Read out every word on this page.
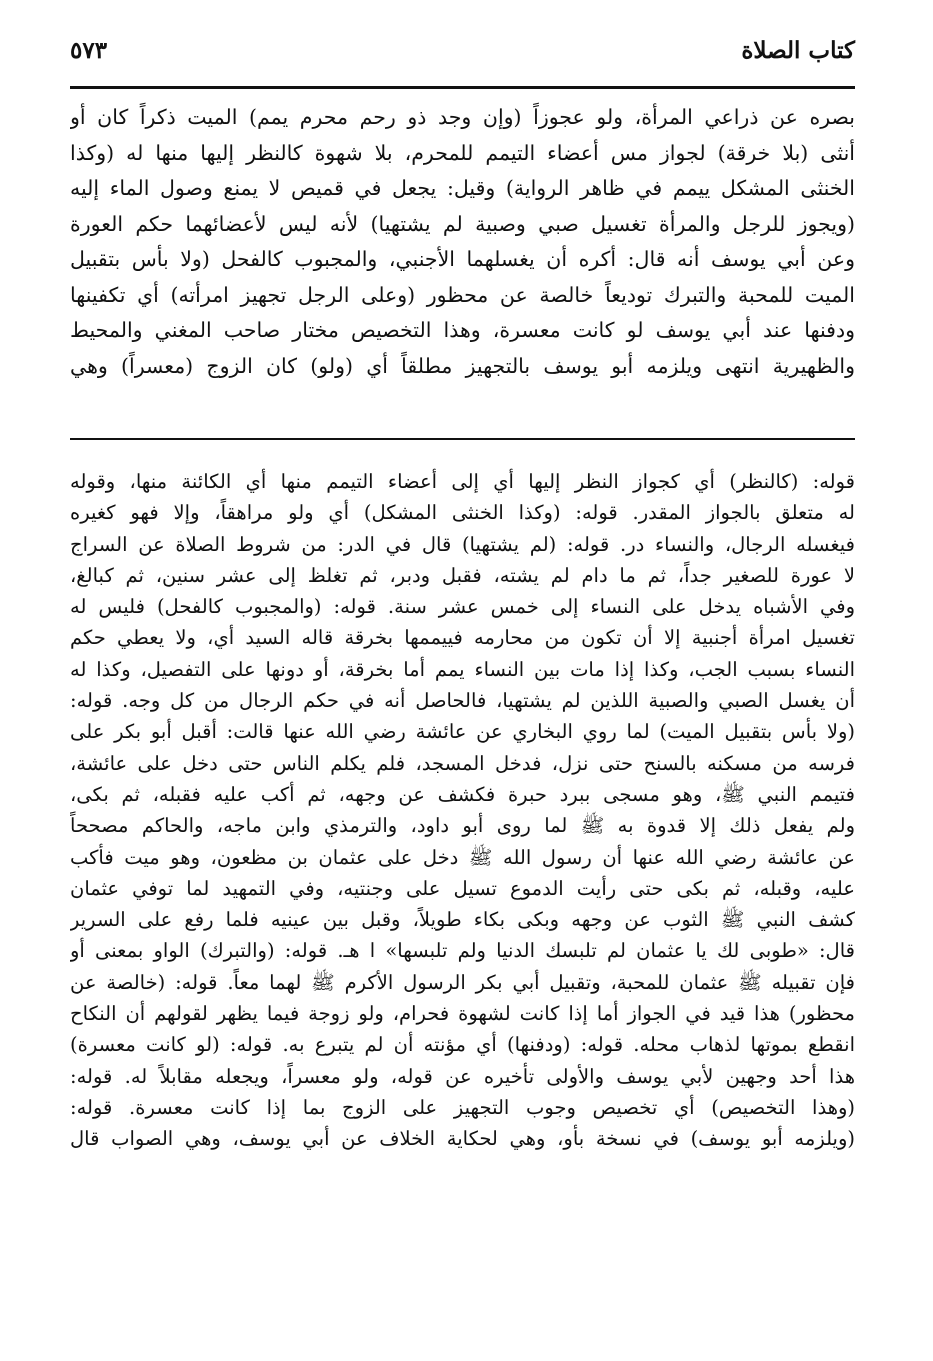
كتاب الصلاة
٥٧٣
بصره عن ذراعي المرأة، ولو عجوزاً (وإن وجد ذو رحم محرم يمم) الميت ذكراً كان أو
أنثى (بلا خرقة) لجواز مس أعضاء التيمم للمحرم، بلا شهوة كالنظر إليها منها له (وكذا
الخنثى المشكل ييمم في ظاهر الرواية) وقيل: يجعل في قميص لا يمنع وصول الماء إليه
(ويجوز للرجل والمرأة تغسيل صبي وصبية لم يشتهيا) لأنه ليس لأعضائهما حكم العورة
وعن أبي يوسف أنه قال: أكره أن يغسلهما الأجنبي، والمجبوب كالفحل (ولا بأس بتقبيل
الميت للمحبة والتبرك توديعاً خالصة عن محظور (وعلى الرجل تجهيز امرأته) أي تكفينها
ودفنها عند أبي يوسف لو كانت معسرة، وهذا التخصيص مختار صاحب المغني والمحيط
والظهيرية انتهى ويلزمه أبو يوسف بالتجهيز مطلقاً أي (ولو) كان الزوج (معسراً) وهي
قوله: (كالنظر) أي كجواز النظر إليها أي إلى أعضاء التيمم منها أي الكائنة منها، وقوله
له متعلق بالجواز المقدر. قوله: (وكذا الخنثى المشكل) أي ولو مراهقاً، وإلا فهو كغيره
فيغسله الرجال، والنساء در. قوله: (لم يشتهيا) قال في الدر: من شروط الصلاة عن السراج
لا عورة للصغير جداً، ثم ما دام لم يشته، فقبل ودبر، ثم تغلظ إلى عشر سنين، ثم كبالغ،
وفي الأشباه يدخل على النساء إلى خمس عشر سنة. قوله: (والمجبوب كالفحل) فليس له
تغسيل امرأة أجنبية إلا أن تكون من محارمه فييممها بخرقة قاله السيد أي، ولا يعطي حكم
النساء بسبب الجب، وكذا إذا مات بين النساء يمم أما بخرقة، أو دونها على التفصيل، وكذا له
أن يغسل الصبي والصبية اللذين لم يشتهيا، فالحاصل أنه في حكم الرجال من كل وجه. قوله:
(ولا بأس بتقبيل الميت) لما روي البخاري عن عائشة رضي الله عنها قالت: أقبل أبو بكر على
فرسه من مسكنه بالسنح حتى نزل، فدخل المسجد، فلم يكلم الناس حتى دخل على عائشة،
فتيمم النبي ﷺ، وهو مسجى ببرد حبرة فكشف عن وجهه، ثم أكب عليه فقبله، ثم بكى،
ولم يفعل ذلك إلا قدوة به ﷺ لما روى أبو داود، والترمذي وابن ماجه، والحاكم مصححاً
عن عائشة رضي الله عنها أن رسول الله ﷺ دخل على عثمان بن مظعون، وهو ميت فأكب
عليه، وقبله، ثم بكى حتى رأيت الدموع تسيل على وجنتيه، وفي التمهيد لما توفي عثمان
كشف النبي ﷺ الثوب عن وجهه وبكى بكاء طويلاً، وقبل بين عينيه فلما رفع على السرير
قال: «طوبى لك يا عثمان لم تلبسك الدنيا ولم تلبسها» ا هـ. قوله: (والتبرك) الواو بمعنى أو
فإن تقبيله ﷺ عثمان للمحبة، وتقبيل أبي بكر الرسول الأكرم ﷺ لهما معاً. قوله: (خالصة عن
محظور) هذا قيد في الجواز أما إذا كانت لشهوة فحرام، ولو زوجة فيما يظهر لقولهم أن النكاح
انقطع بموتها لذهاب محله. قوله: (ودفنها) أي مؤنته أن لم يتبرع به. قوله: (لو كانت معسرة)
هذا أحد وجهين لأبي يوسف والأولى تأخيره عن قوله، ولو معسراً، ويجعله مقابلاً له. قوله:
(وهذا التخصيص) أي تخصيص وجوب التجهيز على الزوج بما إذا كانت معسرة. قوله:
(ويلزمه أبو يوسف) في نسخة بأو، وهي لحكاية الخلاف عن أبي يوسف، وهي الصواب قال
